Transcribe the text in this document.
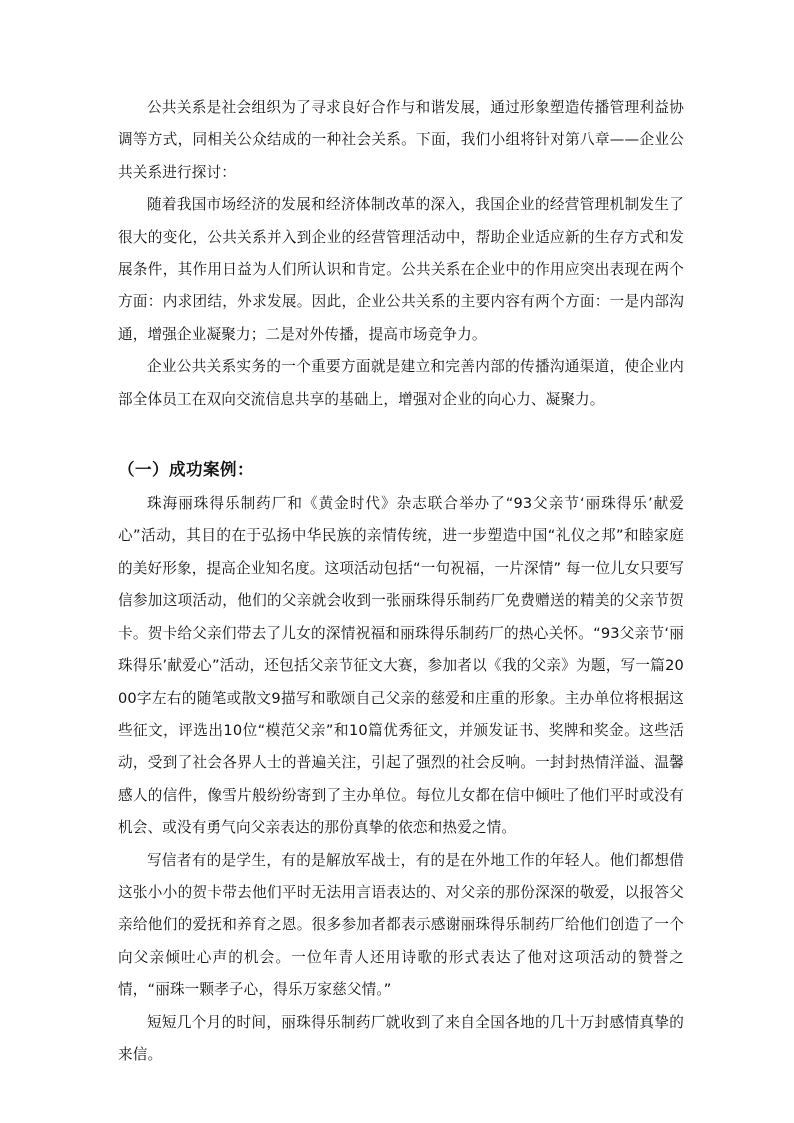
公共关系是社会组织为了寻求良好合作与和谐发展，通过形象塑造传播管理利益协调等方式，同相关公众结成的一种社会关系。下面，我们小组将针对第八章——企业公共关系进行探讨：

随着我国市场经济的发展和经济体制改革的深入，我国企业的经营管理机制发生了很大的变化，公共关系并入到企业的经营管理活动中，帮助企业适应新的生存方式和发展条件，其作用日益为人们所认识和肯定。公共关系在企业中的作用应突出表现在两个方面：内求团结，外求发展。因此，企业公共关系的主要内容有两个方面：一是内部沟通，增强企业凝聚力；二是对外传播，提高市场竞争力。

企业公共关系实务的一个重要方面就是建立和完善内部的传播沟通渠道，使企业内部全体员工在双向交流信息共享的基础上，增强对企业的向心力、凝聚力。

（一）成功案例：

珠海丽珠得乐制药厂和《黄金时代》杂志联合举办了“93父亲节‘丽珠得乐’献爱心”活动，其目的在于弘扬中华民族的亲情传统，进一步塑造中国“礼仪之邦”和睦家庭的美好形象，提高企业知名度。这项活动包括“一句祝福，一片深情” 每一位儿女只要写信参加这项活动，他们的父亲就会收到一张丽珠得乐制药厂免费赠送的精美的父亲节贺卡。贺卡给父亲们带去了儿女的深情祝福和丽珠得乐制药厂的热心关怀。“93父亲节‘丽珠得乐’献爱心”活动，还包括父亲节征文大赛，参加者以《我的父亲》为题，写一篇2000字左右的随笔或散文9描写和歌颂自己父亲的慈爱和庄重的形象。主办单位将根据这些征文，评选出10位“模范父亲”和10篇优秀征文，并颁发证书、奖牌和奖金。这些活动，受到了社会各界人士的普遍关注，引起了强烈的社会反响。一封封热情洋溢、温馨感人的信件，像雪片般纷纷寄到了主办单位。每位儿女都在信中倾吐了他们平时或没有机会、或没有勇气向父亲表达的那份真挚的依恋和热爱之情。

写信者有的是学生，有的是解放军战士，有的是在外地工作的年轻人。他们都想借这张小小的贺卡带去他们平时无法用言语表达的、对父亲的那份深深的敬爱，以报答父亲给他们的爱抚和养育之恩。很多参加者都表示感谢丽珠得乐制药厂给他们创造了一个向父亲倾吐心声的机会。一位年青人还用诗歌的形式表达了他对这项活动的赞誉之情，“丽珠一颗孝子心，得乐万家慈父情。”

短短几个月的时间，丽珠得乐制药厂就收到了来自全国各地的几十万封感情真挚的来信。
